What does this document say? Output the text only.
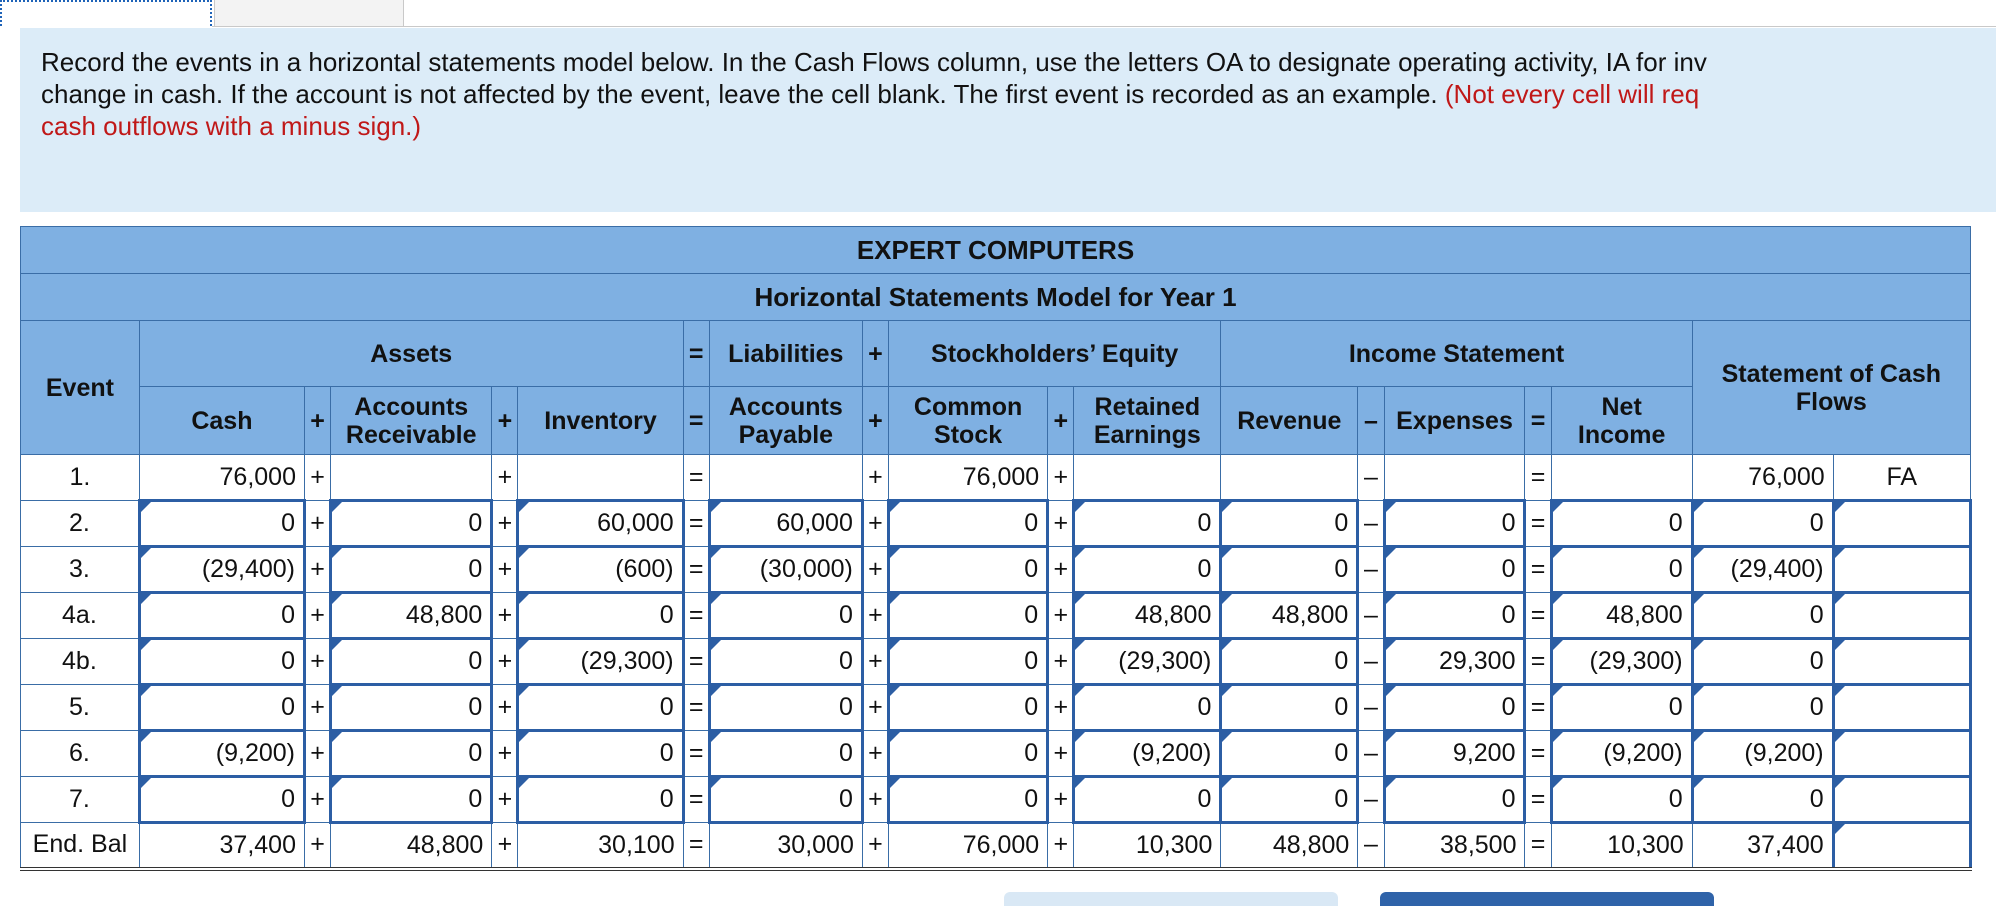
Record the events in a horizontal statements model below. In the Cash Flows column, use the letters OA to designate operating activity, IA for inv
change in cash. If the account is not affected by the event, leave the cell blank. The first event is recorded as an example. (Not every cell will req
cash outflows with a minus sign.)
EXPERT COMPUTERS																		
Horizontal Statements Model for Year 1																		
Event	Assets					=	Liabilities	+	Stockholders’ Equity			Income Statement					Statement of Cash Flows	
	Cash	+	Accounts
Receivable	+	Inventory	=	Accounts
Payable	+	Common
Stock	+	Retained
Earnings	Revenue	–	Expenses	=	Net
Income		
1.	76,000	+		+		=		+	76,000	+			–		=		76,000	FA
2.	0	+	0	+	60,000	=	60,000	+	0	+	0	0	–	0	=	0	0	
3.	(29,400)	+	0	+	(600)	=	(30,000)	+	0	+	0	0	–	0	=	0	(29,400)	
4a.	0	+	48,800	+	0	=	0	+	0	+	48,800	48,800	–	0	=	48,800	0	
4b.	0	+	0	+	(29,300)	=	0	+	0	+	(29,300)	0	–	29,300	=	(29,300)	0	
5.	0	+	0	+	0	=	0	+	0	+	0	0	–	0	=	0	0	
6.	(9,200)	+	0	+	0	=	0	+	0	+	(9,200)	0	–	9,200	=	(9,200)	(9,200)	
7.	0	+	0	+	0	=	0	+	0	+	0	0	–	0	=	0	0	
End. Bal	37,400	+	48,800	+	30,100	=	30,000	+	76,000	+	10,300	48,800	–	38,500	=	10,300	37,400	
